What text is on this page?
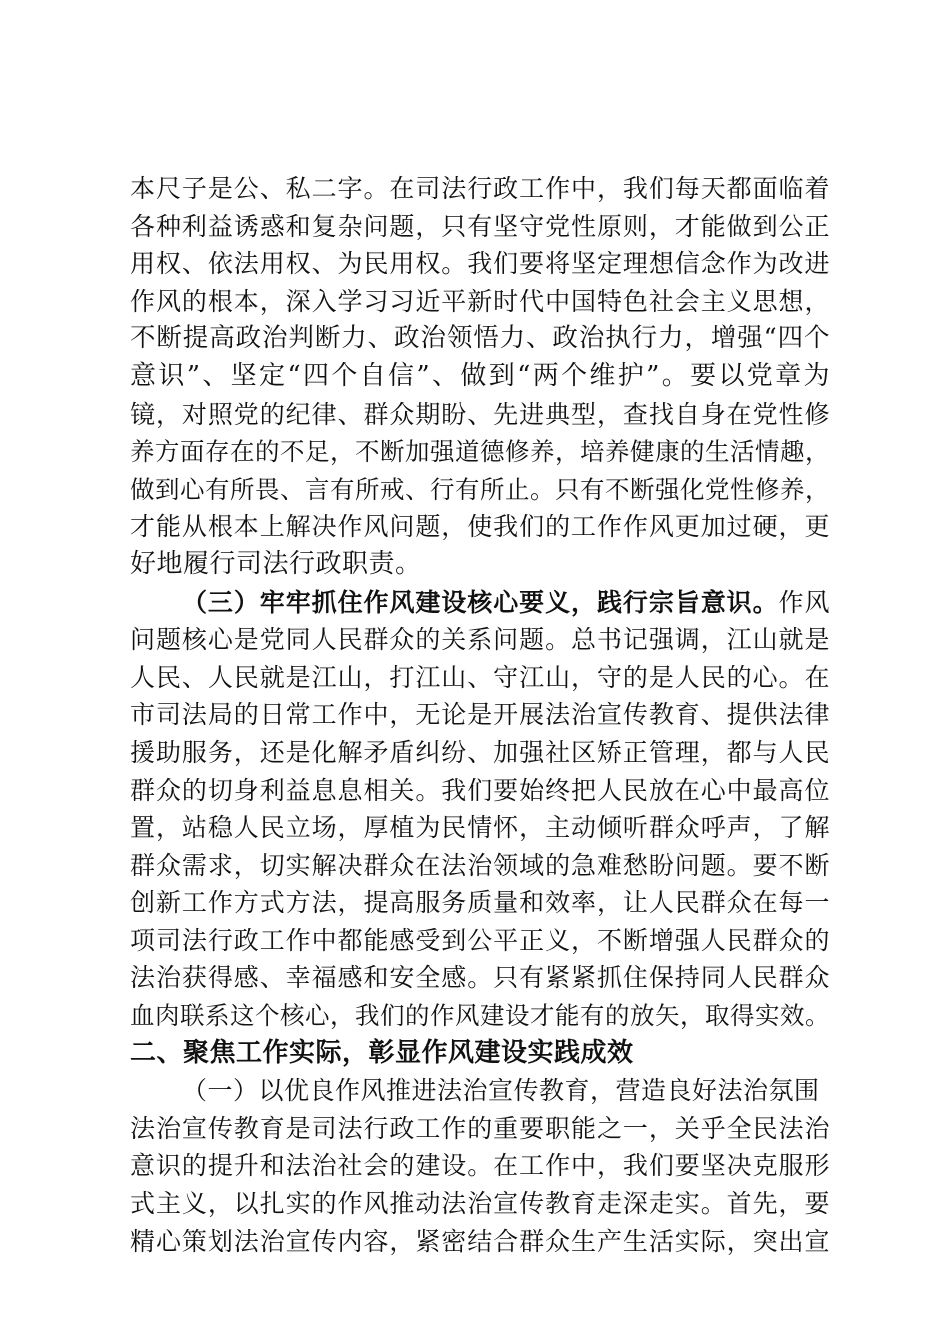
本尺子是公、私二字。在司法行政工作中，我们每天都面临着
各种利益诱惑和复杂问题，只有坚守党性原则，才能做到公正
用权、依法用权、为民用权。我们要将坚定理想信念作为改进
作风的根本，深入学习习近平新时代中国特色社会主义思想，
不断提高政治判断力、政治领悟力、政治执行力，增强“四个
意识”、坚定“四个自信”、做到“两个维护”。要以党章为
镜，对照党的纪律、群众期盼、先进典型，查找自身在党性修
养方面存在的不足，不断加强道德修养，培养健康的生活情趣，
做到心有所畏、言有所戒、行有所止。只有不断强化党性修养，
才能从根本上解决作风问题，使我们的工作作风更加过硬，更
好地履行司法行政职责。
（三）牢牢抓住作风建设核心要义，践行宗旨意识。作风
问题核心是党同人民群众的关系问题。总书记强调，江山就是
人民、人民就是江山，打江山、守江山，守的是人民的心。在
市司法局的日常工作中，无论是开展法治宣传教育、提供法律
援助服务，还是化解矛盾纠纷、加强社区矫正管理，都与人民
群众的切身利益息息相关。我们要始终把人民放在心中最高位
置，站稳人民立场，厚植为民情怀，主动倾听群众呼声，了解
群众需求，切实解决群众在法治领域的急难愁盼问题。要不断
创新工作方式方法，提高服务质量和效率，让人民群众在每一
项司法行政工作中都能感受到公平正义，不断增强人民群众的
法治获得感、幸福感和安全感。只有紧紧抓住保持同人民群众
血肉联系这个核心，我们的作风建设才能有的放矢，取得实效。
二、聚焦工作实际，彰显作风建设实践成效
（一）以优良作风推进法治宣传教育，营造良好法治氛围
法治宣传教育是司法行政工作的重要职能之一，关乎全民法治
意识的提升和法治社会的建设。在工作中，我们要坚决克服形
式主义，以扎实的作风推动法治宣传教育走深走实。首先，要
精心策划法治宣传内容，紧密结合群众生产生活实际，突出宣
